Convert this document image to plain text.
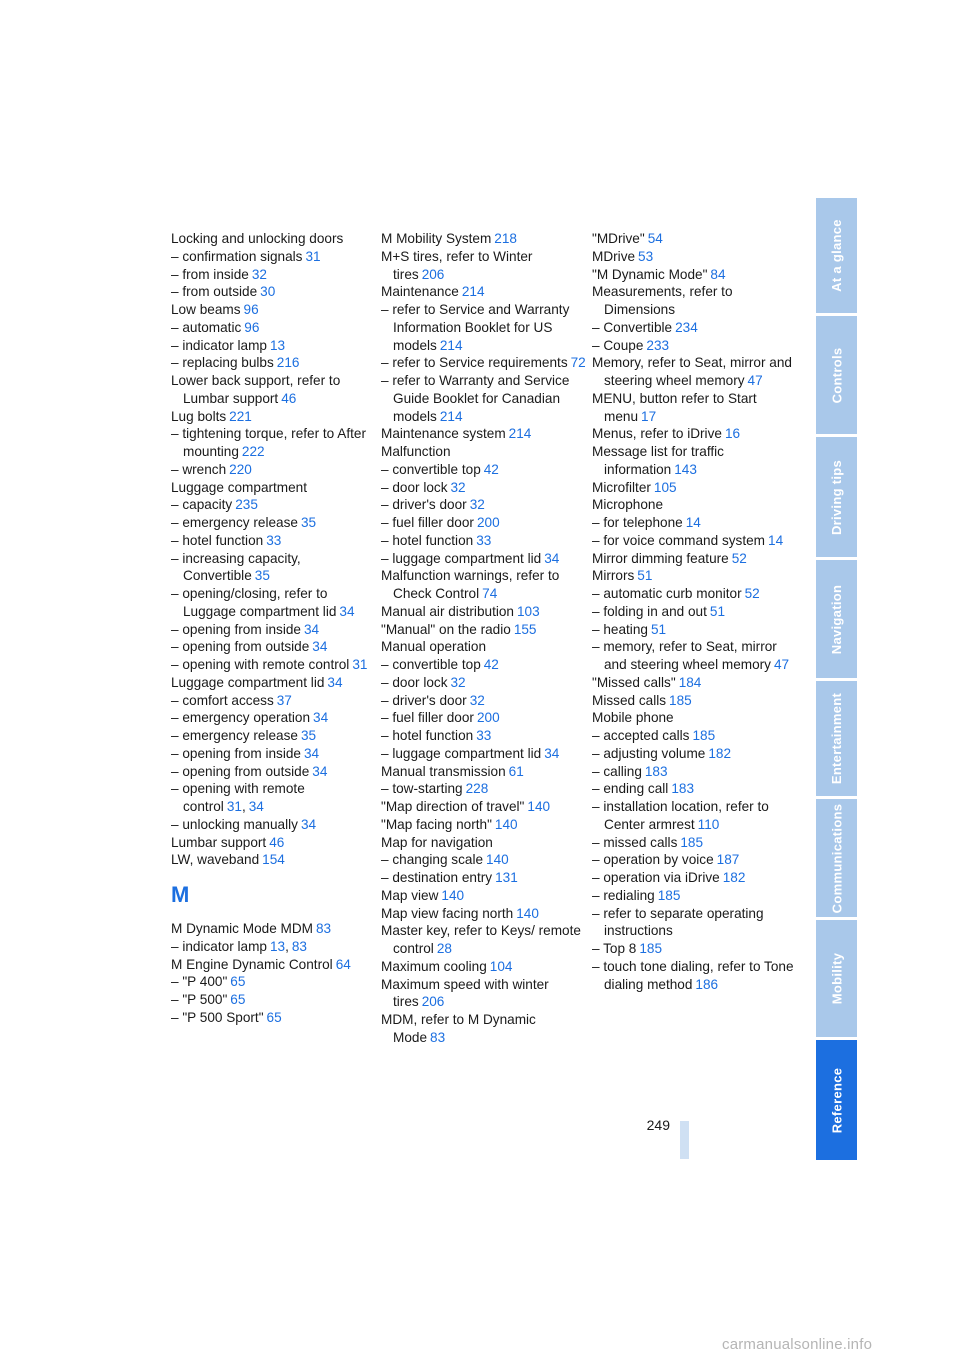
Locking and unlocking doors
– confirmation signals 31
– from inside 32
– from outside 30
Low beams 96
– automatic 96
– indicator lamp 13
– replacing bulbs 216
Lower back support, refer to Lumbar support 46
Lug bolts 221
– tightening torque, refer to After mounting 222
– wrench 220
Luggage compartment
– capacity 235
– emergency release 35
– hotel function 33
– increasing capacity, Convertible 35
– opening/closing, refer to Luggage compartment lid 34
– opening from inside 34
– opening from outside 34
– opening with remote control 31
Luggage compartment lid 34
– comfort access 37
– emergency operation 34
– emergency release 35
– opening from inside 34
– opening from outside 34
– opening with remote control 31, 34
– unlocking manually 34
Lumbar support 46
LW, waveband 154
M
M Dynamic Mode MDM 83
– indicator lamp 13, 83
M Engine Dynamic Control 64
– "P 400" 65
– "P 500" 65
– "P 500 Sport" 65
M Mobility System 218
M+S tires, refer to Winter tires 206
Maintenance 214
– refer to Service and Warranty Information Booklet for US models 214
– refer to Service requirements 72
– refer to Warranty and Service Guide Booklet for Canadian models 214
Maintenance system 214
Malfunction
– convertible top 42
– door lock 32
– driver's door 32
– fuel filler door 200
– hotel function 33
– luggage compartment lid 34
Malfunction warnings, refer to Check Control 74
Manual air distribution 103
"Manual" on the radio 155
Manual operation
– convertible top 42
– door lock 32
– driver's door 32
– fuel filler door 200
– hotel function 33
– luggage compartment lid 34
Manual transmission 61
– tow-starting 228
"Map direction of travel" 140
"Map facing north" 140
Map for navigation
– changing scale 140
– destination entry 131
Map view 140
Map view facing north 140
Master key, refer to Keys/ remote control 28
Maximum cooling 104
Maximum speed with winter tires 206
MDM, refer to M Dynamic Mode 83
"MDrive" 54
MDrive 53
"M Dynamic Mode" 84
Measurements, refer to Dimensions
– Convertible 234
– Coupe 233
Memory, refer to Seat, mirror and steering wheel memory 47
MENU, button refer to Start menu 17
Menus, refer to iDrive 16
Message list for traffic information 143
Microfilter 105
Microphone
– for telephone 14
– for voice command system 14
Mirror dimming feature 52
Mirrors 51
– automatic curb monitor 52
– folding in and out 51
– heating 51
– memory, refer to Seat, mirror and steering wheel memory 47
"Missed calls" 184
Missed calls 185
Mobile phone
– accepted calls 185
– adjusting volume 182
– calling 183
– ending call 183
– installation location, refer to Center armrest 110
– missed calls 185
– operation by voice 187
– operation via iDrive 182
– redialing 185
– refer to separate operating instructions
– Top 8 185
– touch tone dialing, refer to Tone dialing method 186
At a glance
Controls
Driving tips
Navigation
Entertainment
Communications
Mobility
Reference
249
carmanualsonline.info
